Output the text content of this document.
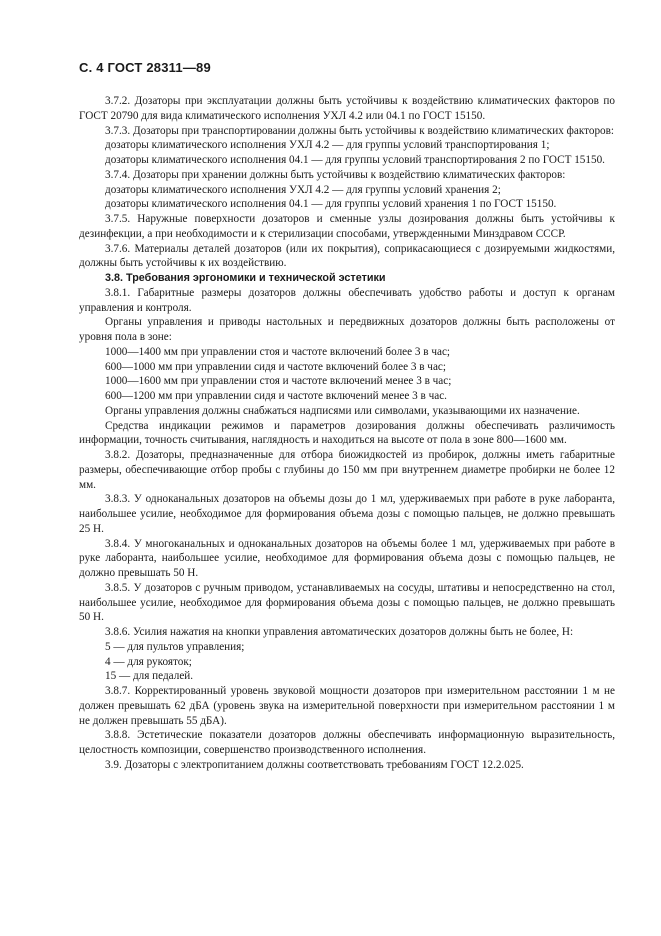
С. 4 ГОСТ 28311—89

3.7.2. Дозаторы при эксплуатации должны быть устойчивы к воздействию климатических факторов по ГОСТ 20790 для вида климатического исполнения УХЛ 4.2 или 04.1 по ГОСТ 15150.

3.7.3. Дозаторы при транспортировании должны быть устойчивы к воздействию климатических факторов:

дозаторы климатического исполнения УХЛ 4.2 — для группы условий транспортирования 1;

дозаторы климатического исполнения 04.1 — для группы условий транспортирования 2 по ГОСТ 15150.

3.7.4. Дозаторы при хранении должны быть устойчивы к воздействию климатических факторов:

дозаторы климатического исполнения УХЛ 4.2 — для группы условий хранения 2;

дозаторы климатического исполнения 04.1 — для группы условий хранения 1 по ГОСТ 15150.

3.7.5. Наружные поверхности дозаторов и сменные узлы дозирования должны быть устойчивы к дезинфекции, а при необходимости и к стерилизации способами, утвержденными Минздравом СССР.

3.7.6. Материалы деталей дозаторов (или их покрытия), соприкасающиеся с дозируемыми жидкостями, должны быть устойчивы к их воздействию.

3.8. Требования эргономики и технической эстетики

3.8.1. Габаритные размеры дозаторов должны обеспечивать удобство работы и доступ к органам управления и контроля.

Органы управления и приводы настольных и передвижных дозаторов должны быть расположены от уровня пола в зоне:

1000—1400 мм при управлении стоя и частоте включений более 3 в час;

600—1000 мм при управлении сидя и частоте включений более 3 в час;

1000—1600 мм при управлении стоя и частоте включений менее 3 в час;

600—1200 мм при управлении сидя и частоте включений менее 3 в час.

Органы управления должны снабжаться надписями или символами, указывающими их назначение.

Средства индикации режимов и параметров дозирования должны обеспечивать различимость информации, точность считывания, наглядность и находиться на высоте от пола в зоне 800—1600 мм.

3.8.2. Дозаторы, предназначенные для отбора биожидкостей из пробирок, должны иметь габаритные размеры, обеспечивающие отбор пробы с глубины до 150 мм при внутреннем диаметре пробирки не более 12 мм.

3.8.3. У одноканальных дозаторов на объемы дозы до 1 мл, удерживаемых при работе в руке лаборанта, наибольшее усилие, необходимое для формирования объема дозы с помощью пальцев, не должно превышать 25 Н.

3.8.4. У многоканальных и одноканальных дозаторов на объемы более 1 мл, удерживаемых при работе в руке лаборанта, наибольшее усилие, необходимое для формирования объема дозы с помощью пальцев, не должно превышать 50 Н.

3.8.5. У дозаторов с ручным приводом, устанавливаемых на сосуды, штативы и непосредственно на стол, наибольшее усилие, необходимое для формирования объема дозы с помощью пальцев, не должно превышать 50 Н.

3.8.6. Усилия нажатия на кнопки управления автоматических дозаторов должны быть не более, Н:

5 — для пультов управления;

4 — для рукояток;

15 — для педалей.

3.8.7. Корректированный уровень звуковой мощности дозаторов при измерительном расстоянии 1 м не должен превышать 62 дБА (уровень звука на измерительной поверхности при измерительном расстоянии 1 м не должен превышать 55 дБА).

3.8.8. Эстетические показатели дозаторов должны обеспечивать информационную выразительность, целостность композиции, совершенство производственного исполнения.

3.9. Дозаторы с электропитанием должны соответствовать требованиям ГОСТ 12.2.025.
